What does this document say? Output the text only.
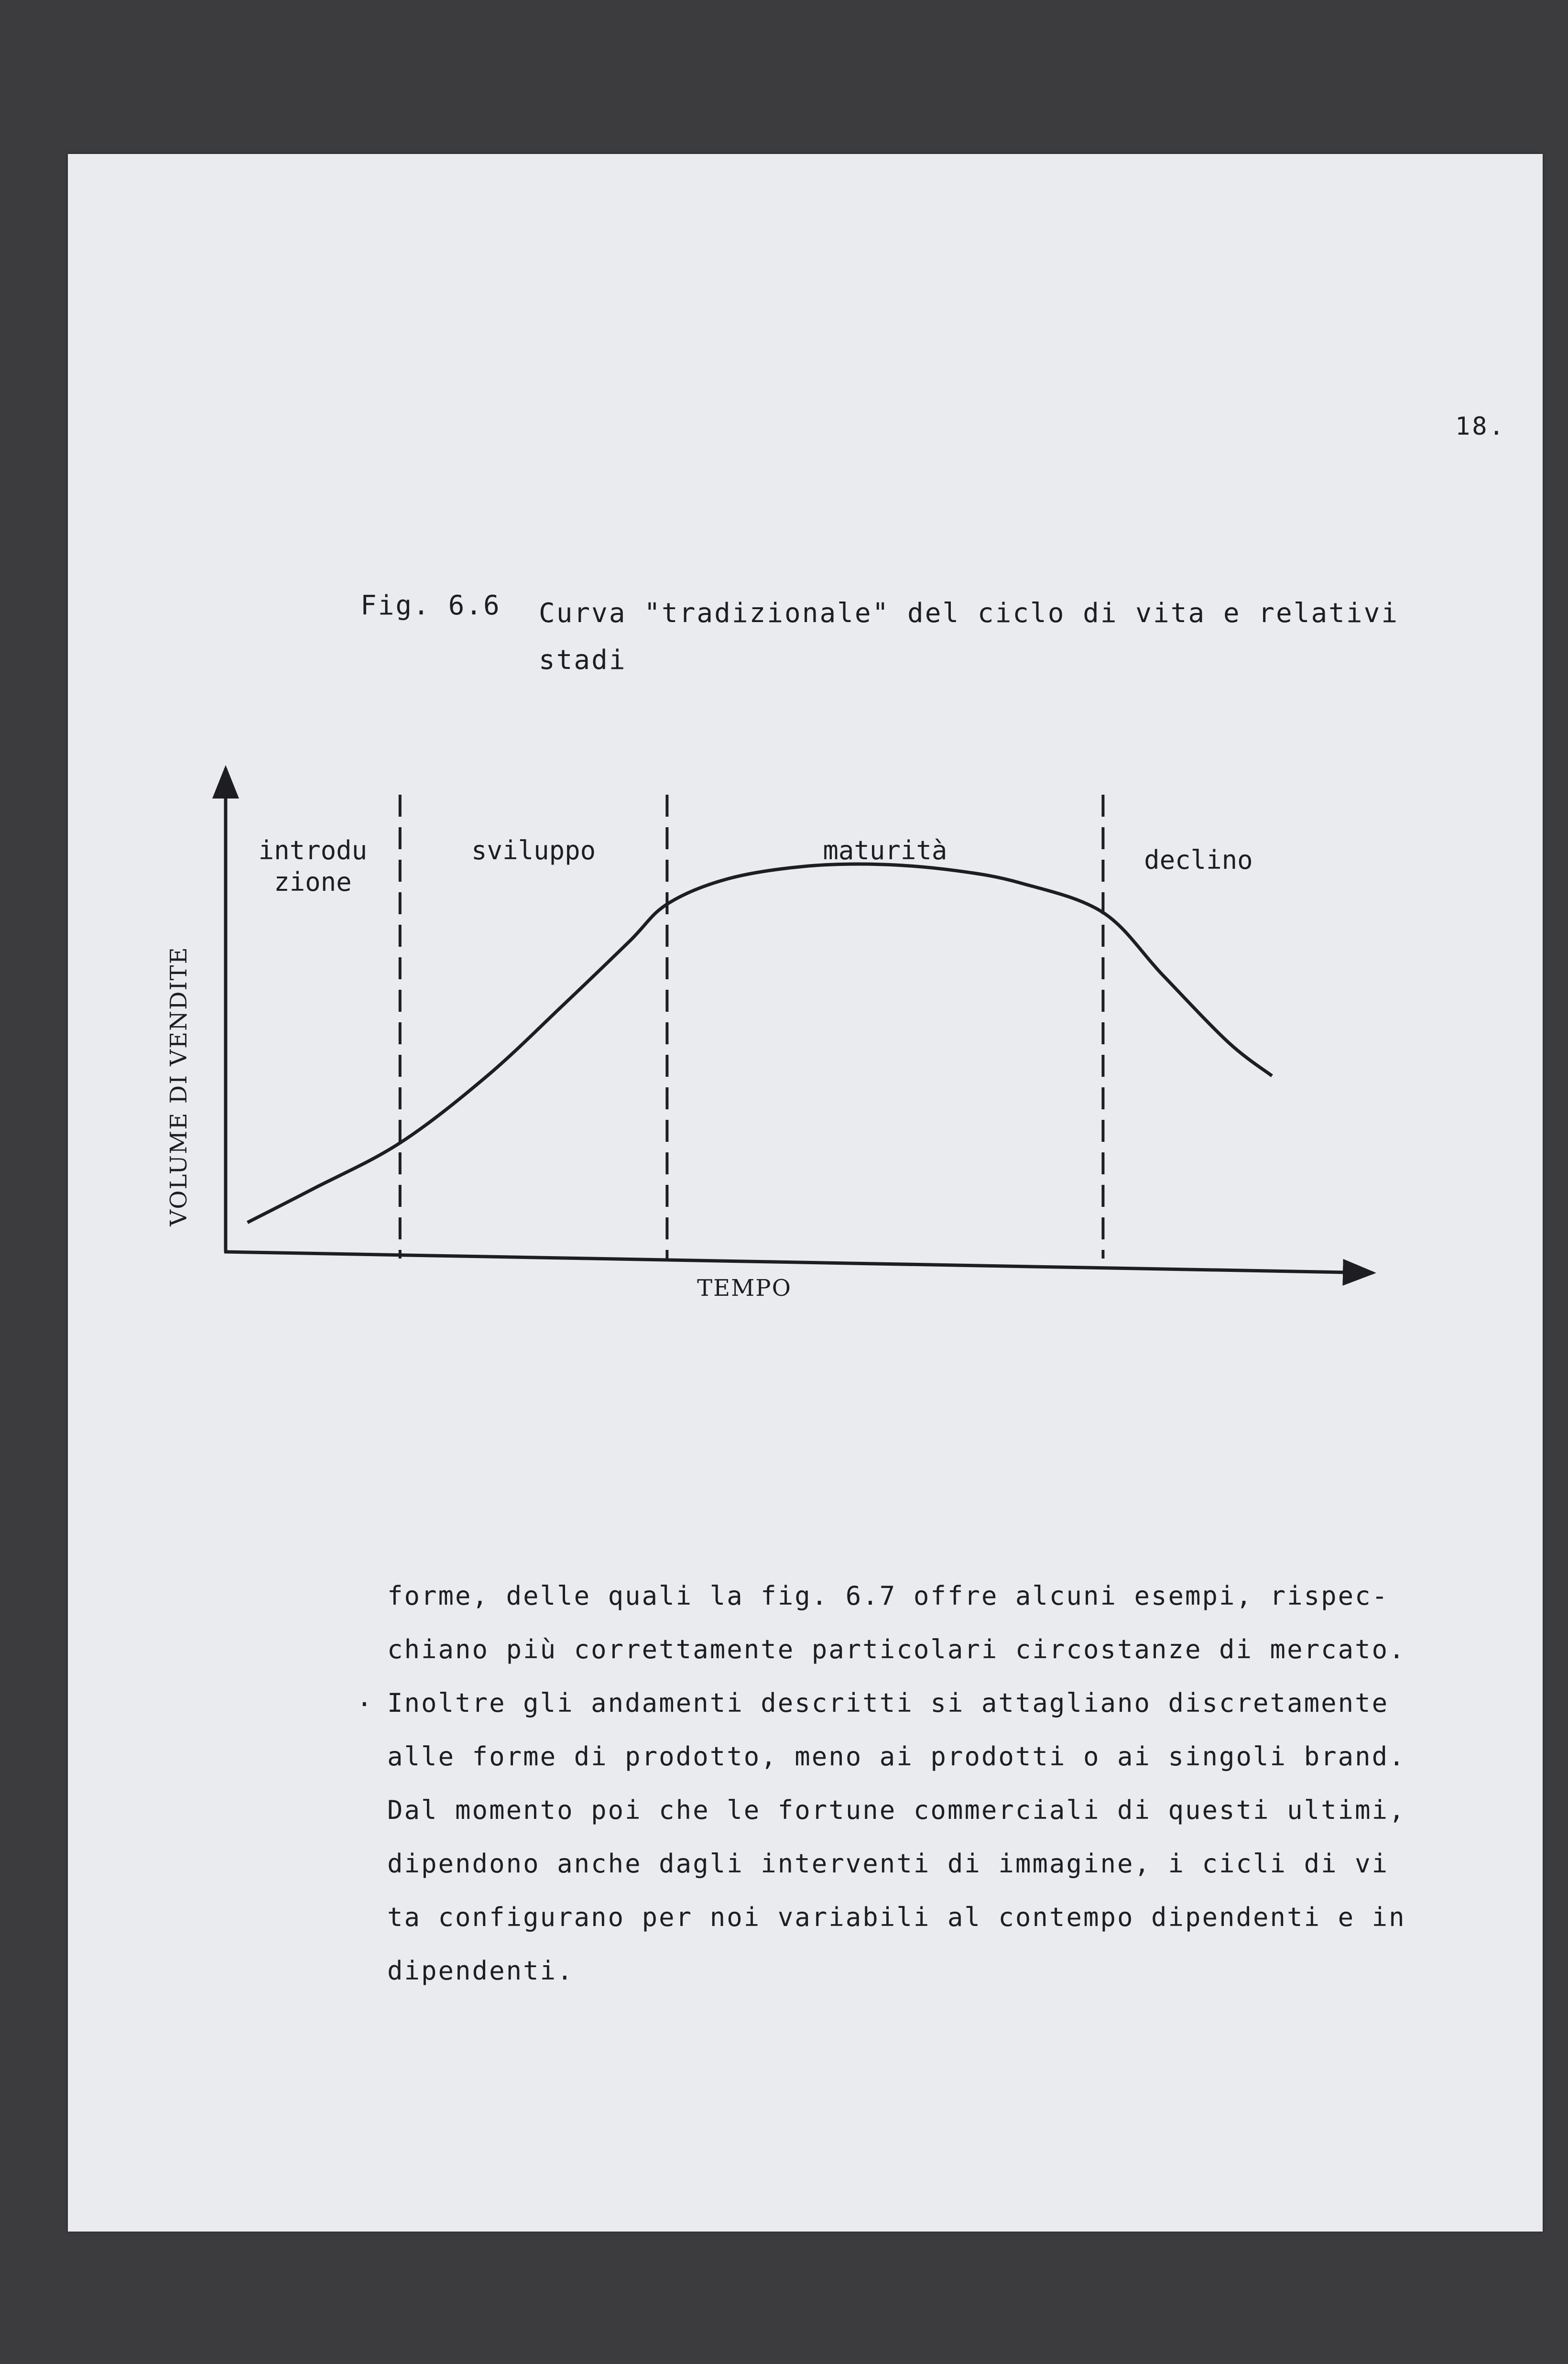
18.
Fig. 6.6 Curva "tradizionale" del ciclo di vita e relativi stadi
introdu
zione
sviluppo	maturità	declino
TEMPO
VOLUME DI VENDITE
.

forme, delle quali la fig. 6.7 offre alcuni esempi, rispec-
chiano più correttamente particolari circostanze di mercato.
Inoltre gli andamenti descritti si attagliano discretamente
alle forme di prodotto, meno ai prodotti o ai singoli brand.
Dal momento poi che le fortune commerciali di questi ultimi,
dipendono anche dagli interventi di immagine, i cicli di vi
ta configurano per noi variabili al contempo dipendenti e in
dipendenti.
